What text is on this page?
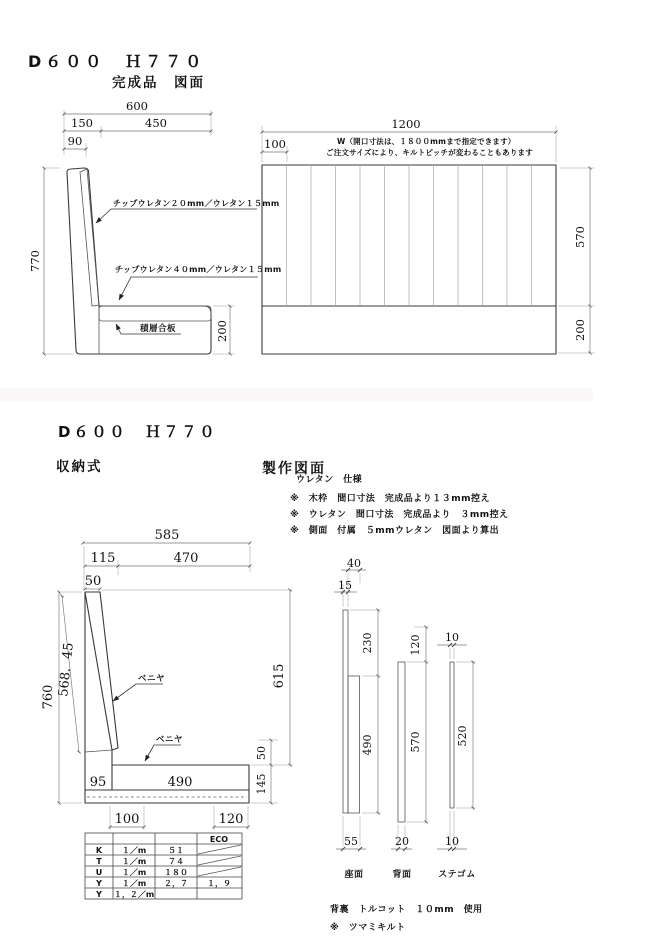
D６００　Ｈ７７０
完成品　図面
600
150	450
90
770
200
チップウレタン２０mm／ウレタン１５mm
チップウレタン４０mm／ウレタン１５mm
積層合板
1200
100	W（開口寸法は、１８００mmまで指定できます）
ご注文サイズにより、キルトピッチが変わることもあります
570
200
D６００　Ｈ７７０
収納式	製作図面
ウレタン　仕様
※　木枠　間口寸法　完成品より１３mm控え
※　ウレタン　間口寸法　完成品より　３mm控え
※　側面　付属　５mmウレタン　図面より算出
95	490
585
115	470
50
568．45
760
615
50
145
100	120
ベニヤ
ベニヤ
ECO
K １／m	５１
T	１／m	７４
U １／m １８０
Y １／m ２，７ １，９
Y １，２／m
40
15
230
490
55
座面
120
570
20
背面
10
520
10
ステゴム
背裏　トルコット　１０mm　使用
※　ツマミキルト
